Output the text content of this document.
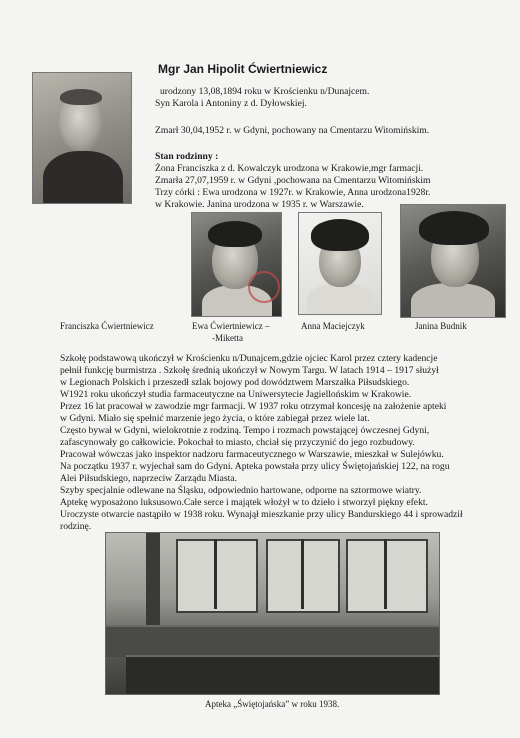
Mgr Jan Hipolit Ćwiertniewicz
urodzony 13,08,1894 roku w Krościenku n/Dunajcem.
Syn Karola i Antoniny z d. Dyłowskiej.
Zmarł 30,04,1952 r. w Gdyni, pochowany na Cmentarzu Witomińskim.
Stan rodzinny :
Żona Franciszka z d. Kowalczyk urodzona w Krakowie,mgr farmacji.
Zmarła 27,07,1959 r. w Gdyni ,pochowana na Cmentarzu Witomińskim
Trzy córki : Ewa urodzona w 1927r. w Krakowie, Anna urodzona1928r.
w Krakowie. Janina urodzona w 1935 r. w Warszawie.
Franciszka Ćwiertniewicz	Ewa Ćwiertniewicz –
-Miketta
Anna Maciejczyk	Janina Budnik
Szkołę podstawową ukończył w Krościenku n/Dunajcem,gdzie ojciec Karol przez cztery kadencje
pełnił funkcję burmistrza . Szkołę średnią ukończył w Nowym Targu. W latach 1914 – 1917 służył
w Legionach Polskich i przeszedł szlak bojowy pod dowództwem Marszałka Piłsudskiego.
W1921 roku ukończył studia farmaceutyczne na Uniwersytecie Jagiellońskim w Krakowie.
Przez 16 lat pracował w zawodzie mgr farmacji. W 1937 roku otrzymał koncesję na założenie apteki
w Gdyni. Miało się spełnić marzenie jego życia, o które zabiegał przez wiele lat.
Często bywał w Gdyni, wielokrotnie z rodziną. Tempo i rozmach powstającej ówczesnej Gdyni,
zafascynowały go całkowicie. Pokochał to miasto, chciał się przyczynić do jego rozbudowy.
Pracował wówczas jako inspektor nadzoru farmaceutycznego w Warszawie, mieszkał w Sulejówku.
Na początku 1937 r. wyjechał sam do Gdyni. Apteka powstała przy ulicy Świętojańskiej 122, na rogu
Alei Piłsudskiego, naprzeciw Zarządu Miasta.
Szyby specjalnie odlewane na Śląsku, odpowiednio hartowane, odporne na sztormowe wiatry.
Aptekę wyposażono luksusowo.Całe serce i majątek włożył w to dzieło i stworzył piękny efekt.
Uroczyste otwarcie nastąpiło w 1938 roku. Wynajął mieszkanie przy ulicy Bandurskiego 44 i sprowadził
rodzinę.
Apteka „Świętojańska” w roku 1938.
